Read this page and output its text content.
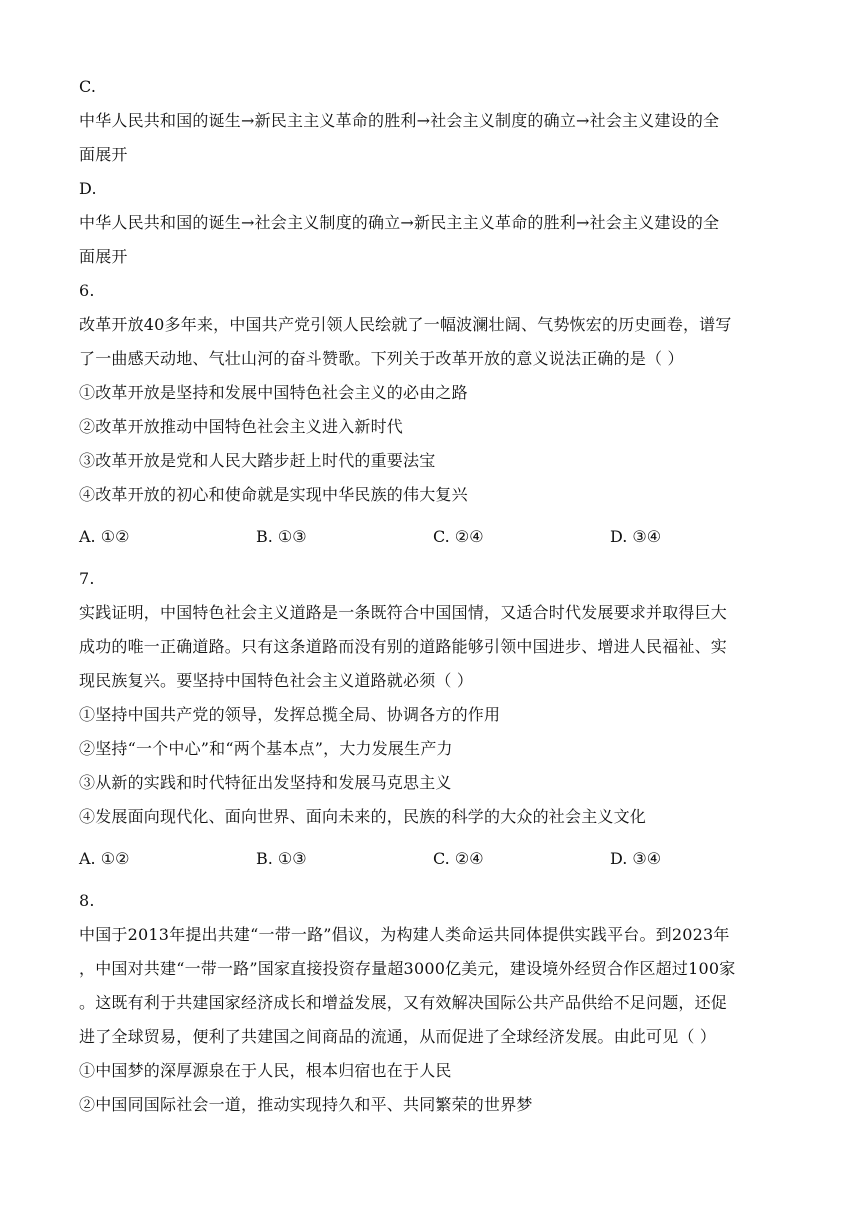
C.
中华人民共和国的诞生→新民主主义革命的胜利→社会主义制度的确立→社会主义建设的全
面展开
D.
中华人民共和国的诞生→社会主义制度的确立→新民主主义革命的胜利→社会主义建设的全
面展开
6.
改革开放40多年来，中国共产党引领人民绘就了一幅波澜壮阔、气势恢宏的历史画卷，谱写
了一曲感天动地、气壮山河的奋斗赞歌。下列关于改革开放的意义说法正确的是（ ）
①改革开放是坚持和发展中国特色社会主义的必由之路
②改革开放推动中国特色社会主义进入新时代
③改革开放是党和人民大踏步赶上时代的重要法宝
④改革开放的初心和使命就是实现中华民族的伟大复兴
A. ①②	B. ①③	C. ②④	D. ③④
7.
实践证明，中国特色社会主义道路是一条既符合中国国情，又适合时代发展要求并取得巨大
成功的唯一正确道路。只有这条道路而没有别的道路能够引领中国进步、增进人民福祉、实
现民族复兴。要坚持中国特色社会主义道路就必须（ ）
①坚持中国共产党的领导，发挥总揽全局、协调各方的作用
②坚持“一个中心”和“两个基本点”，大力发展生产力
③从新的实践和时代特征出发坚持和发展马克思主义
④发展面向现代化、面向世界、面向未来的，民族的科学的大众的社会主义文化
A. ①②	B. ①③	C. ②④	D. ③④
8.
中国于2013年提出共建“一带一路”倡议，为构建人类命运共同体提供实践平台。到2023年
，中国对共建“一带一路”国家直接投资存量超3000亿美元，建设境外经贸合作区超过100家
。这既有利于共建国家经济成长和增益发展，又有效解决国际公共产品供给不足问题，还促
进了全球贸易，便利了共建国之间商品的流通，从而促进了全球经济发展。由此可见（ ）
①中国梦的深厚源泉在于人民，根本归宿也在于人民
②中国同国际社会一道，推动实现持久和平、共同繁荣的世界梦
